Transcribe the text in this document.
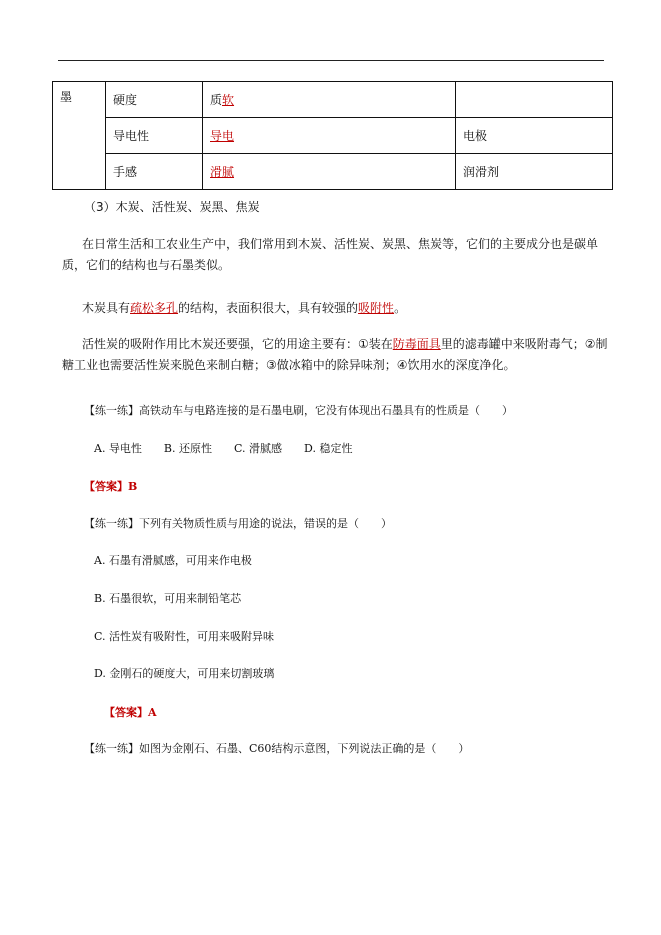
墨	硬度	质软	
	导电性	导电	电极
	手感	滑腻	润滑剂

（3）木炭、活性炭、炭黑、焦炭

在日常生活和工农业生产中，我们常用到木炭、活性炭、炭黑、焦炭等，它们的主要成分也是碳单质，它们的结构也与石墨类似。

木炭具有疏松多孔的结构，表面积很大，具有较强的吸附性。

活性炭的吸附作用比木炭还要强，它的用途主要有：①装在防毒面具里的滤毒罐中来吸附毒气；②制糖工业也需要活性炭来脱色来制白糖；③做冰箱中的除异味剂；④饮用水的深度净化。

【练一练】高铁动车与电路连接的是石墨电刷，它没有体现出石墨具有的性质是（　　）

A. 导电性　　B. 还原性　　C. 滑腻感　　D. 稳定性

【答案】B

【练一练】下列有关物质性质与用途的说法，错误的是（　　）

A. 石墨有滑腻感，可用来作电极

B. 石墨很软，可用来制铅笔芯

C. 活性炭有吸附性，可用来吸附异味

D. 金刚石的硬度大，可用来切割玻璃

【答案】A

【练一练】如图为金刚石、石墨、C60结构示意图，下列说法正确的是（　　）
